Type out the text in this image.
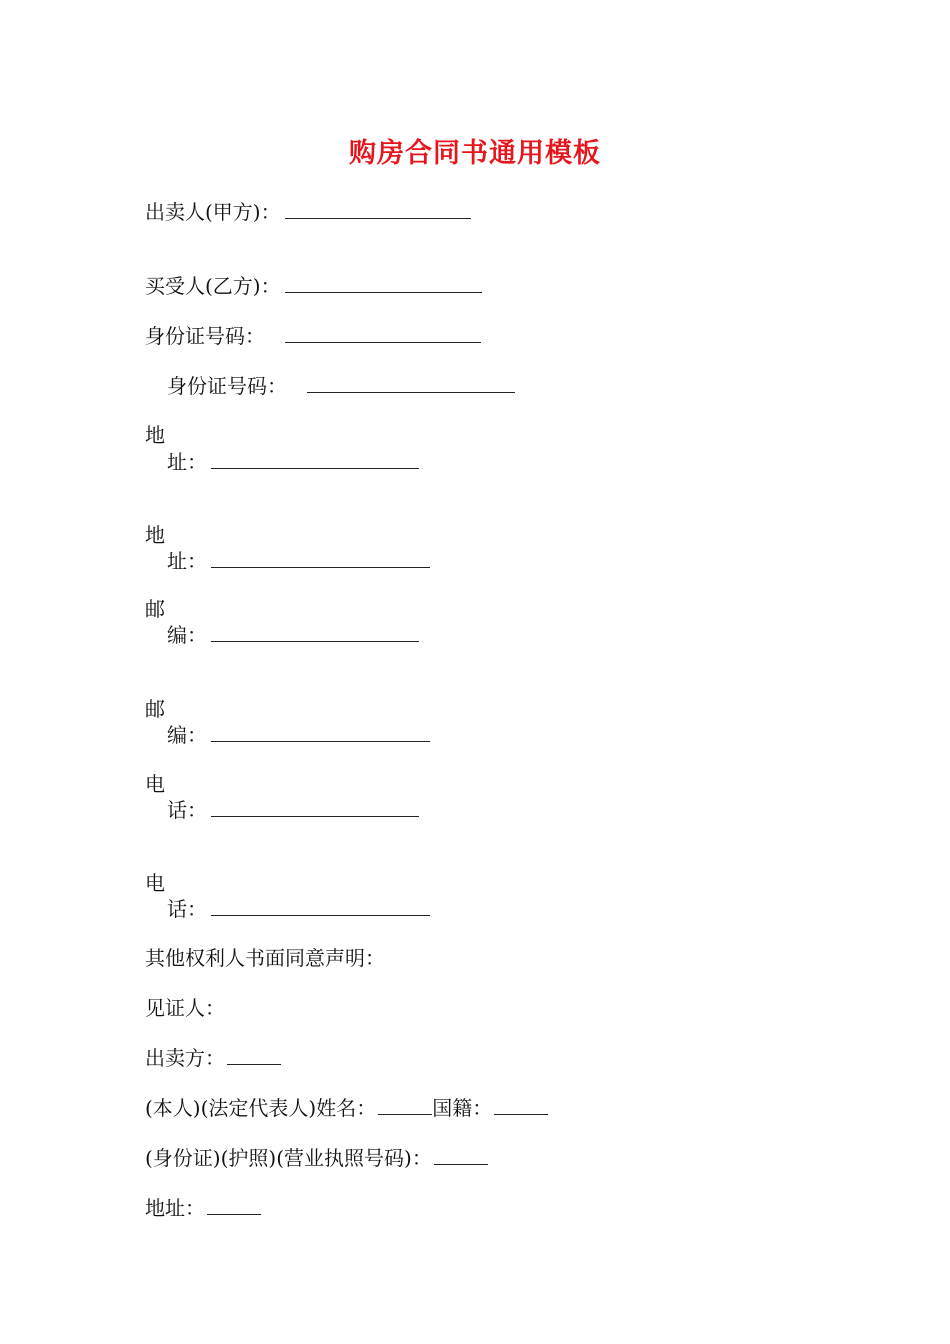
购房合同书通用模板
出卖人(甲方)：
买受人(乙方)：
身份证号码：
身份证号码：
地
址：
地
址：
邮
编：
邮
编：
电
话：
电
话：
其他权利人书面同意声明：
见证人：
出卖方：
(本人)(法定代表人)姓名：	国籍：
(身份证)(护照)(营业执照号码)：
地址：
